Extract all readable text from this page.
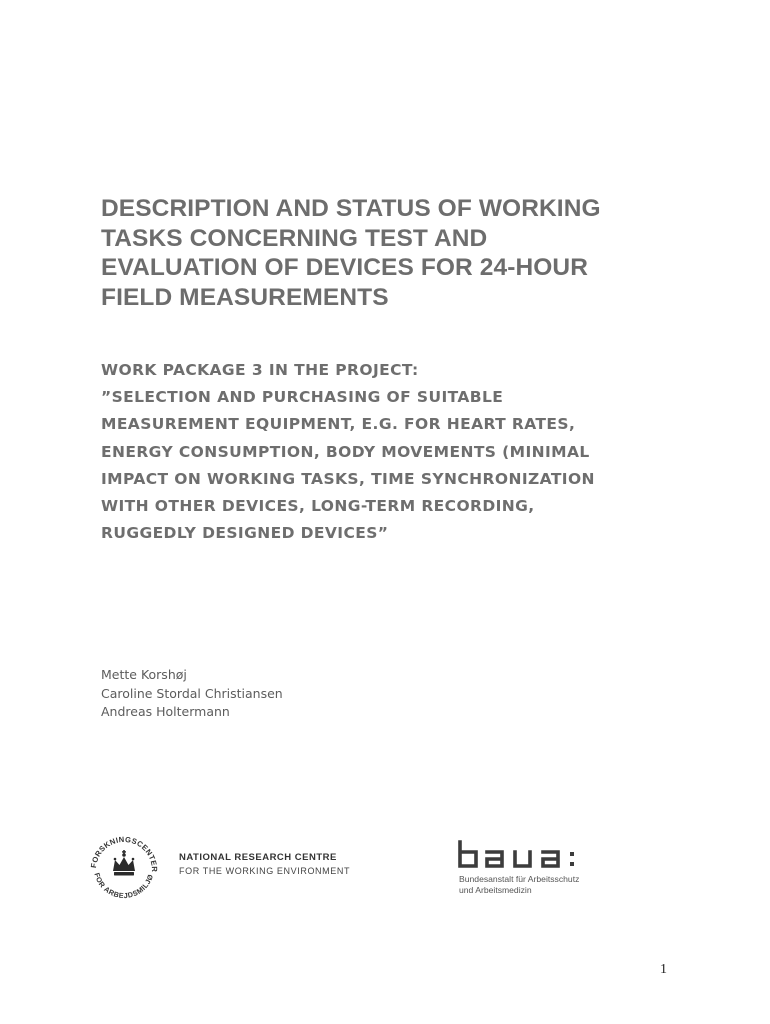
DESCRIPTION AND STATUS OF WORKING
TASKS CONCERNING TEST AND
EVALUATION OF DEVICES FOR 24-HOUR
FIELD MEASUREMENTS
WORK PACKAGE 3 IN THE PROJECT:
”SELECTION AND PURCHASING OF SUITABLE
MEASUREMENT EQUIPMENT, E.G. FOR HEART RATES,
ENERGY CONSUMPTION, BODY MOVEMENTS (MINIMAL
IMPACT ON WORKING TASKS, TIME SYNCHRONIZATION
WITH OTHER DEVICES, LONG-TERM RECORDING,
RUGGEDLY DESIGNED DEVICES”
Mette Korshøj
Caroline Stordal Christiansen
Andreas Holtermann
FORSKNINGSCENTER
FOR ARBEJDSMILJØ
NATIONAL RESEARCH CENTRE
FOR THE WORKING ENVIRONMENT
Bundesanstalt für Arbeitsschutz
und Arbeitsmedizin
1
